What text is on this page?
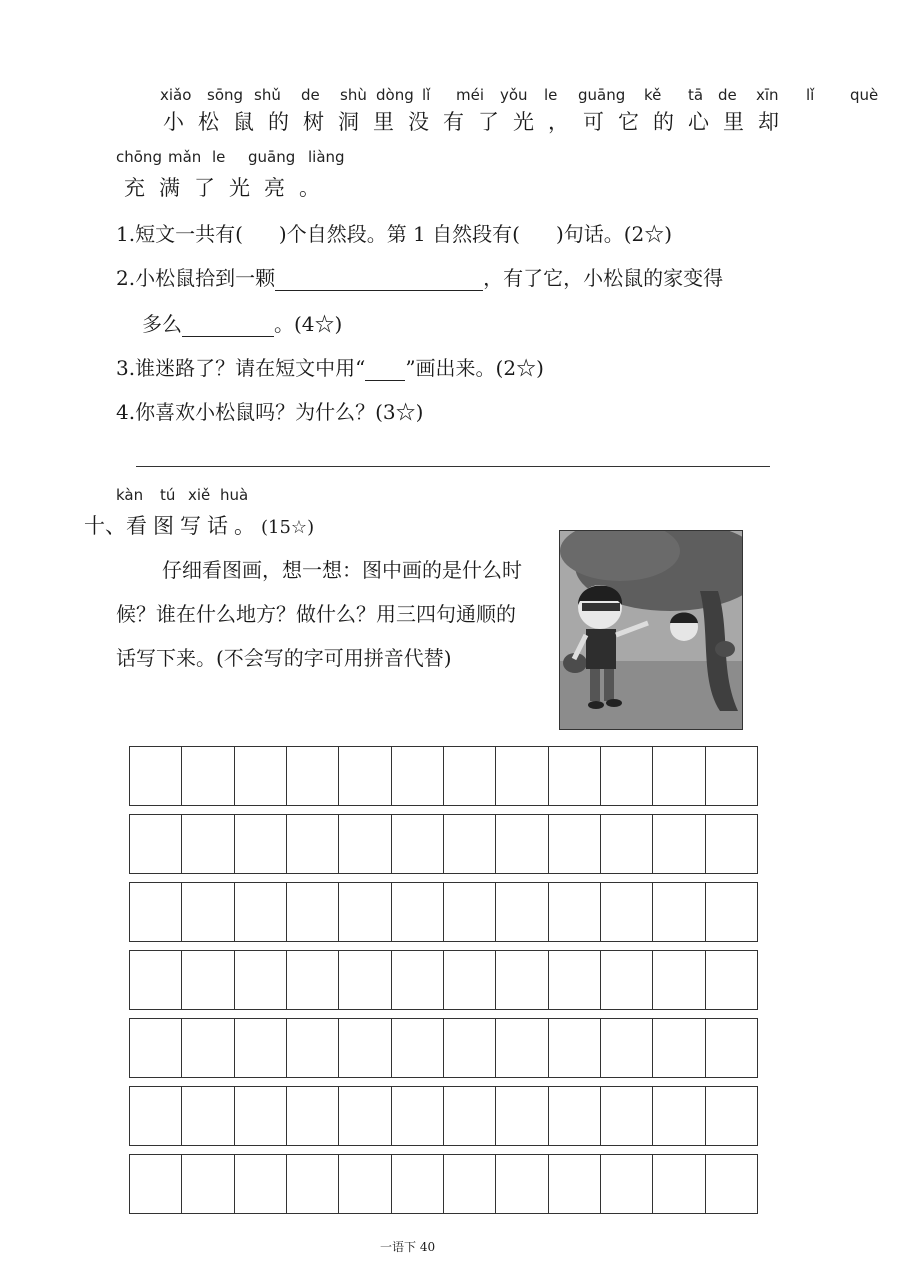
xiǎo sōng shǔ de shù dòng lǐ méi yǒu le guāng kě tā de xīn lǐ què
小松鼠的树洞里没有了光，可它的心里却
chōng mǎn le guāng liàng
充满了光亮。
1.短文一共有( )个自然段。第 1 自然段有( )句话。(2☆)
2.小松鼠拾到一颗	，有了它，小松鼠的家变得
多么	。(4☆)
3.谁迷路了？请在短文中用“ ”画出来。(2☆)
4.你喜欢小松鼠吗？为什么？(3☆)
kàn tú xiě huà
十、看图写话。(15☆)
仔细看图画，想一想：图中画的是什么时候？谁在什么地方？做什么？用三四句通顺的话写下来。(不会写的字可用拼音代替)
一语下 40
